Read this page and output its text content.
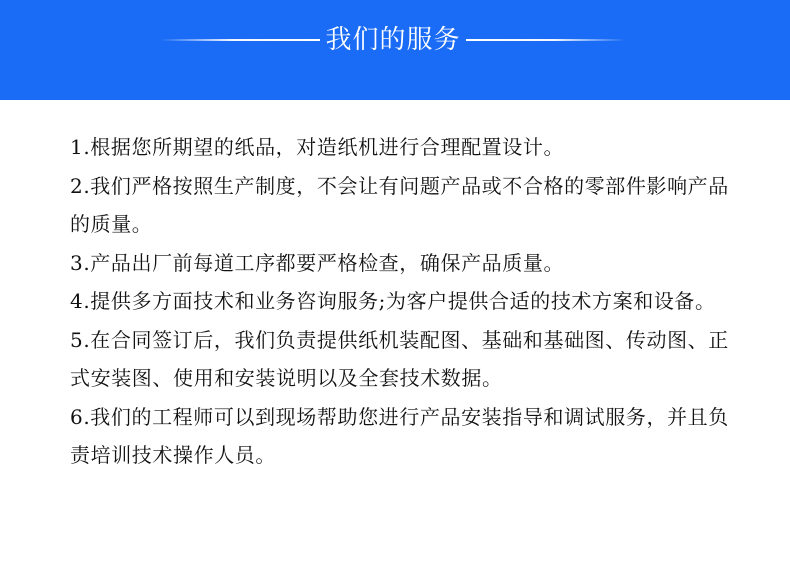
我们的服务

1.根据您所期望的纸品，对造纸机进行合理配置设计。

2.我们严格按照生产制度，不会让有问题产品或不合格的零部件影响产品的质量。

3.产品出厂前每道工序都要严格检查，确保产品质量。

4.提供多方面技术和业务咨询服务;为客户提供合适的技术方案和设备。

5.在合同签订后，我们负责提供纸机装配图、基础和基础图、传动图、正式安装图、使用和安装说明以及全套技术数据。

6.我们的工程师可以到现场帮助您进行产品安装指导和调试服务，并且负责培训技术操作人员。
